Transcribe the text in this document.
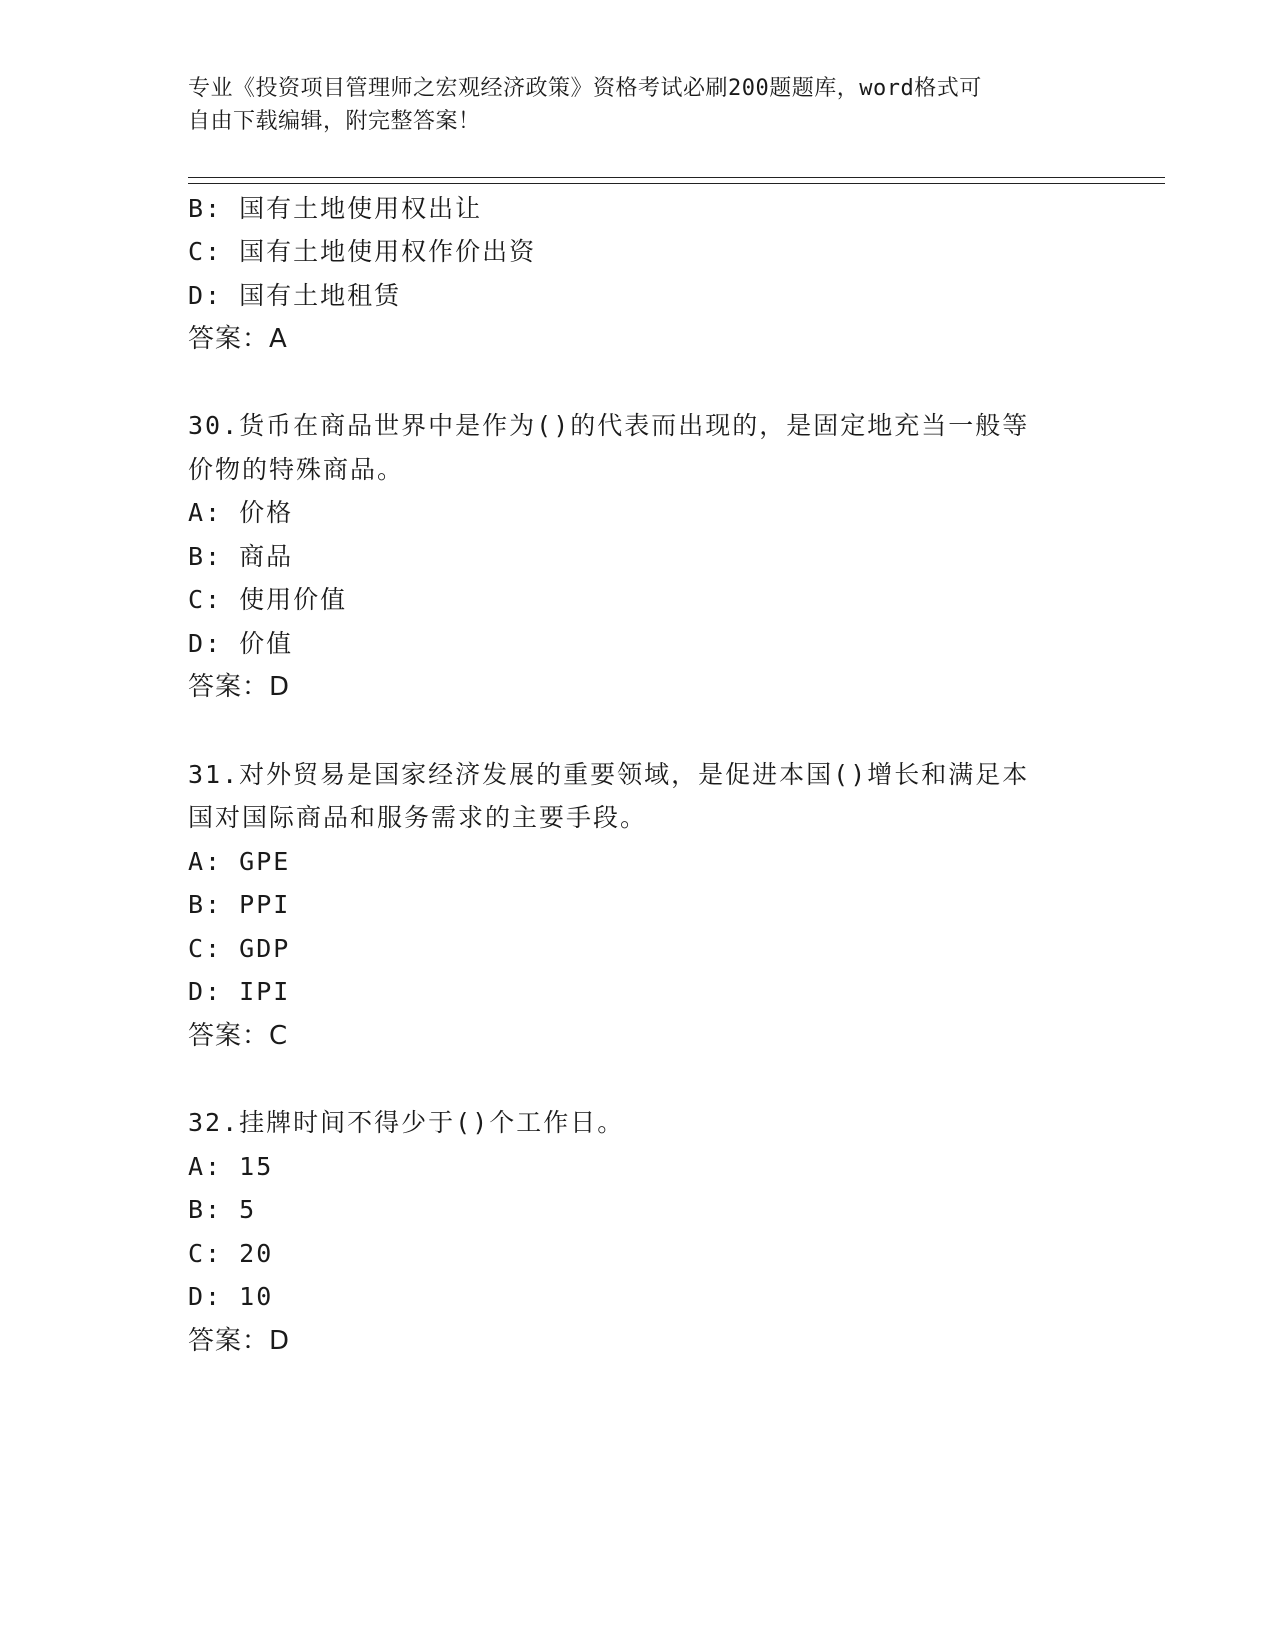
专业《投资项目管理师之宏观经济政策》资格考试必刷200题题库，word格式可
自由下载编辑，附完整答案！
B: 国有土地使用权出让
C: 国有土地使用权作价出资
D: 国有土地租赁
答案：A
30.货币在商品世界中是作为()的代表而出现的，是固定地充当一般等
价物的特殊商品。
A: 价格
B: 商品
C: 使用价值
D: 价值
答案：D
31.对外贸易是国家经济发展的重要领域，是促进本国()增长和满足本
国对国际商品和服务需求的主要手段。
A: GPE
B: PPI
C: GDP
D: IPI
答案：C
32.挂牌时间不得少于()个工作日。
A: 15
B: 5
C: 20
D: 10
答案：D
